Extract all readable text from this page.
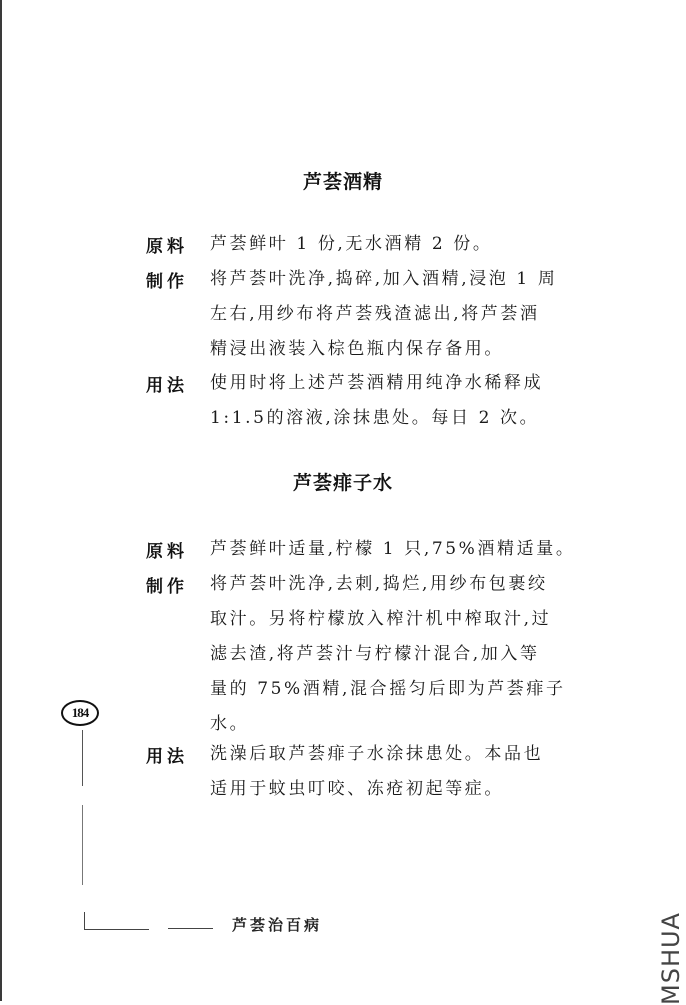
芦荟酒精
原料	芦荟鲜叶 1 份,无水酒精 2 份。
制作	将芦荟叶洗净,捣碎,加入酒精,浸泡 1 周
左右,用纱布将芦荟残渣滤出,将芦荟酒
精浸出液装入棕色瓶内保存备用。
用法	使用时将上述芦荟酒精用纯净水稀释成
1:1.5的溶液,涂抹患处。每日 2 次。
芦荟痱子水
原料	芦荟鲜叶适量,柠檬 1 只,75%酒精适量。
制作	将芦荟叶洗净,去刺,捣烂,用纱布包裹绞
取汁。另将柠檬放入榨汁机中榨取汁,过
滤去渣,将芦荟汁与柠檬汁混合,加入等
量的 75%酒精,混合摇匀后即为芦荟痱子
水。
用法	洗澡后取芦荟痱子水涂抹患处。本品也
适用于蚊虫叮咬、冻疮初起等症。
184
芦荟治百病	MSHUA
